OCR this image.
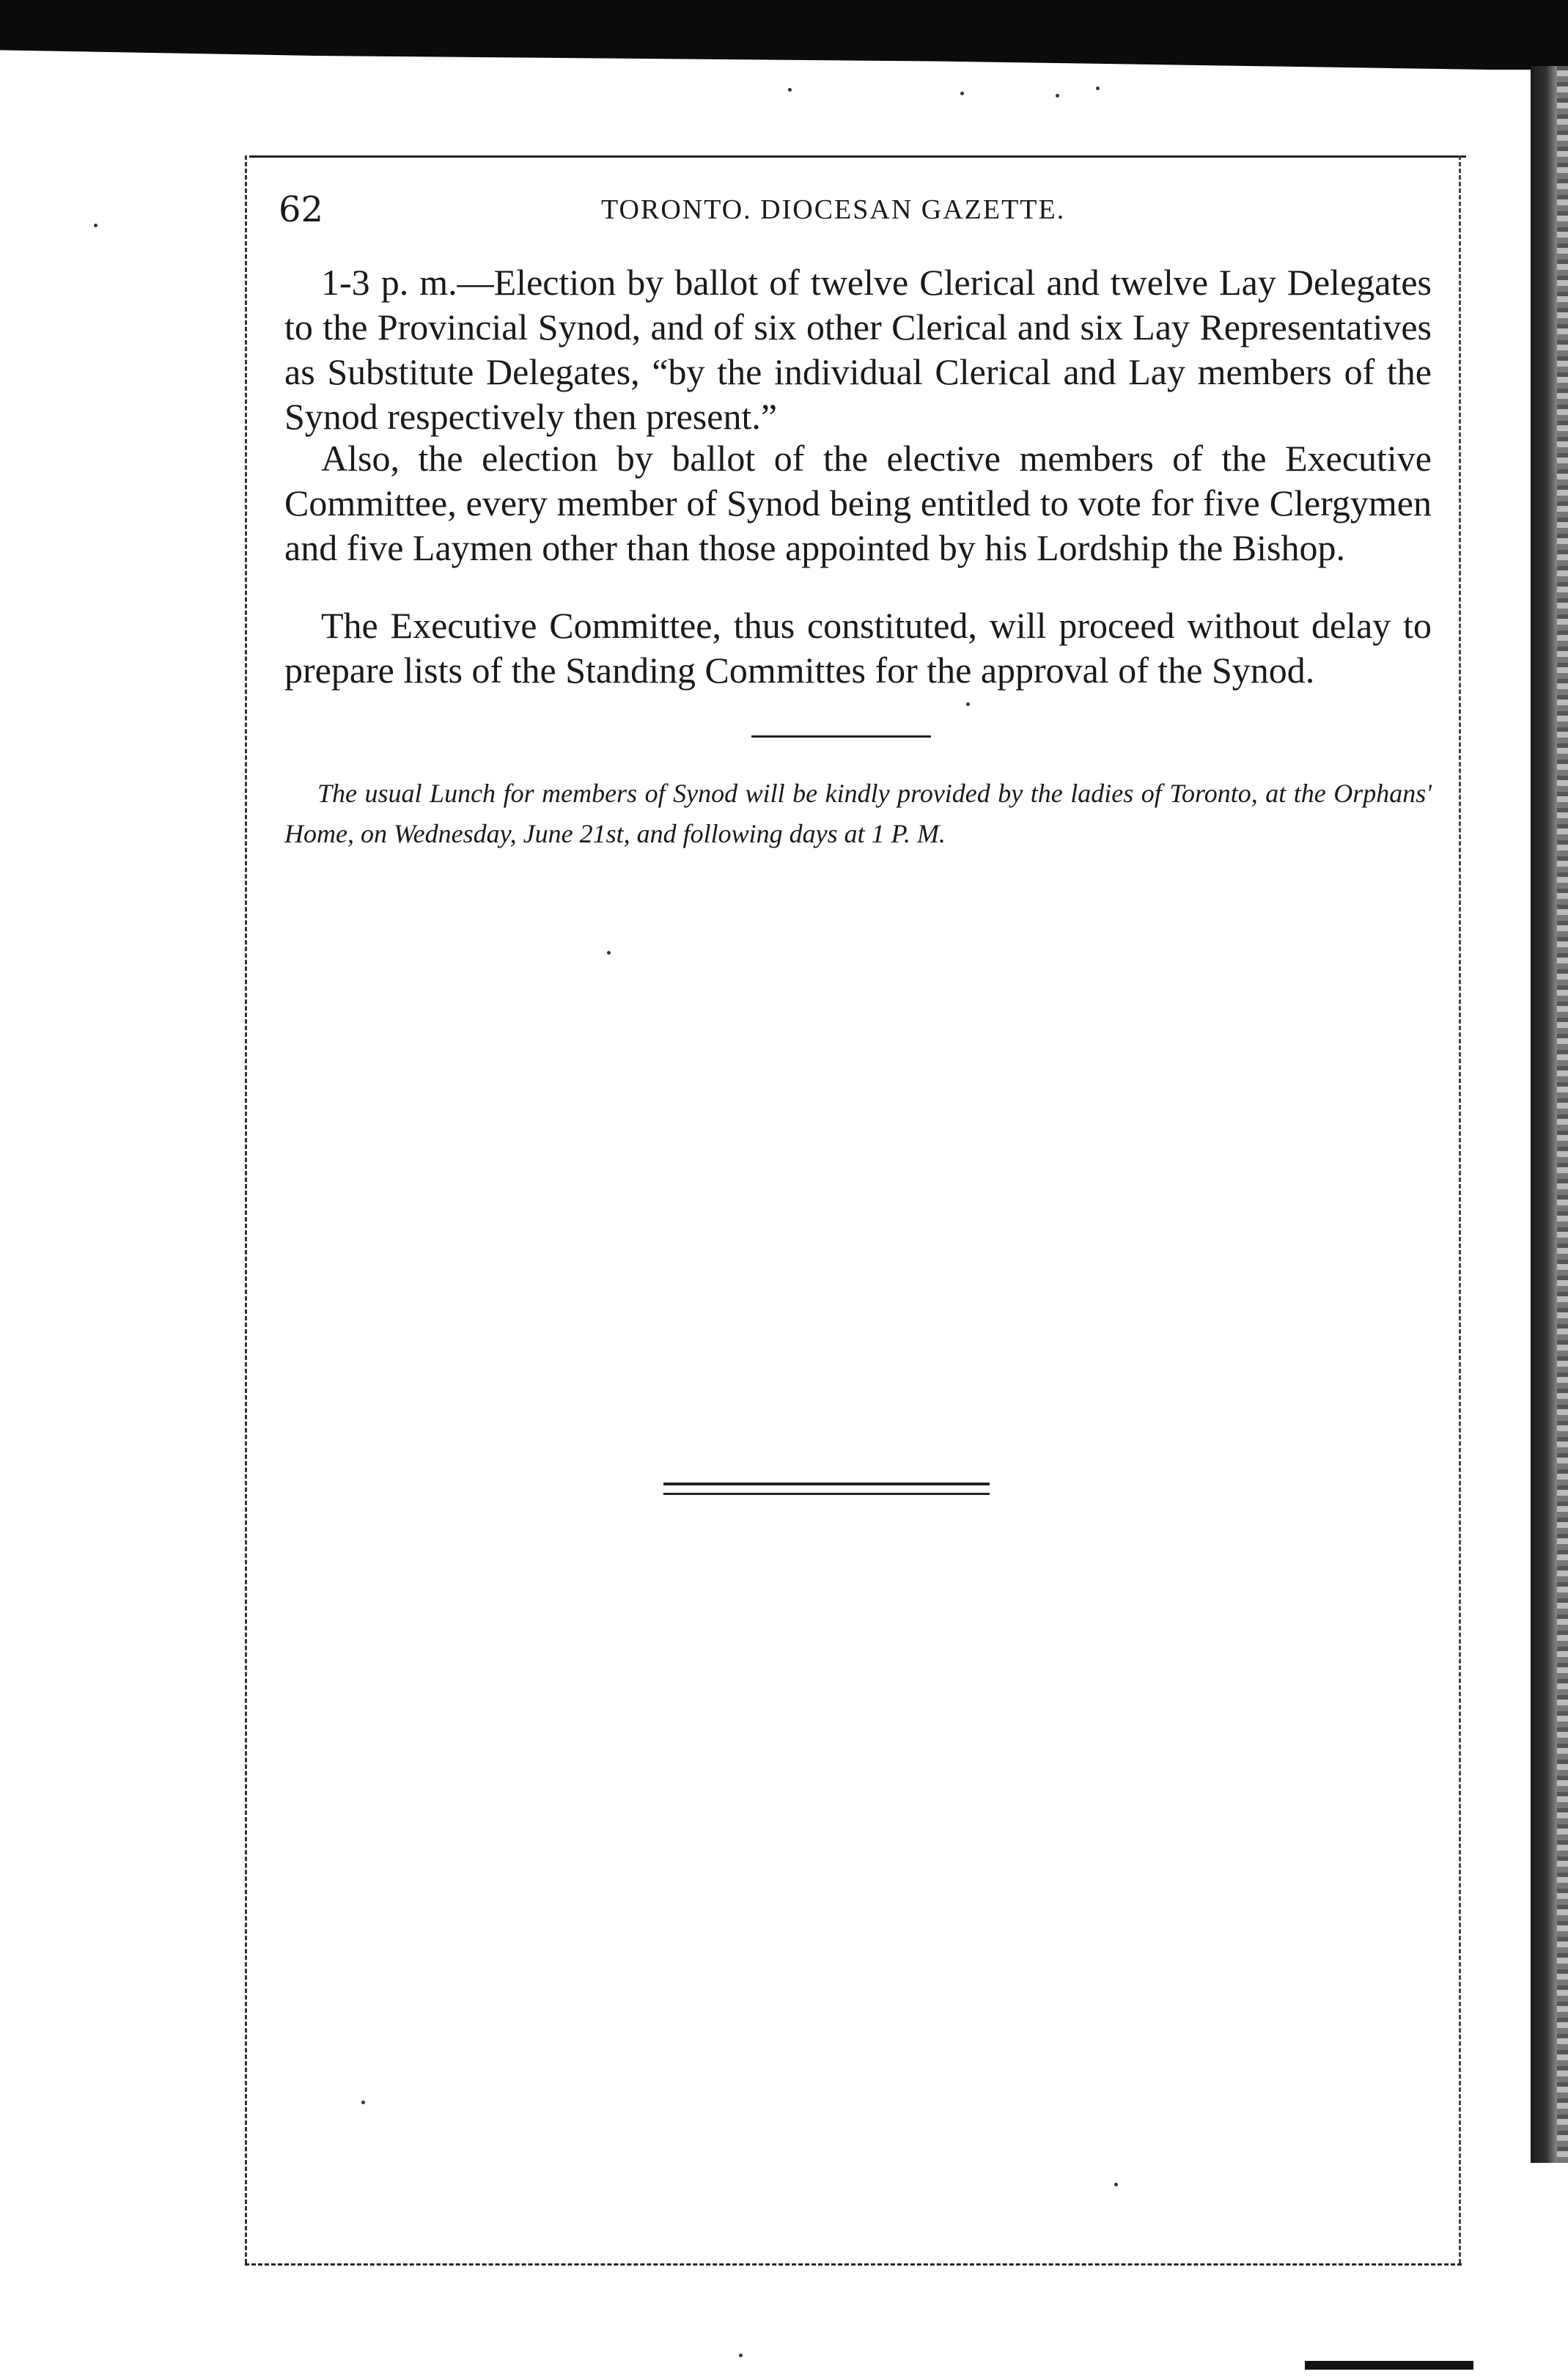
62	TORONTO. DIOCESAN GAZETTE.

1-3 p. m.—Election by ballot of twelve Clerical and twelve Lay Delegates to the Provincial Synod, and of six other Clerical and six Lay Representatives as Substitute Delegates, “by the individual Clerical and Lay members of the Synod respectively then present.”

Also, the election by ballot of the elective members of the Executive Committee, every member of Synod being entitled to vote for five Clergymen and five Laymen other than those appointed by his Lordship the Bishop.

The Executive Committee, thus constituted, will proceed without delay to prepare lists of the Standing Committes for the approval of the Synod.

The usual Lunch for members of Synod will be kindly provided by the ladies of Toronto, at the Orphans' Home, on Wednesday, June 21st, and following days at 1 P. M.
